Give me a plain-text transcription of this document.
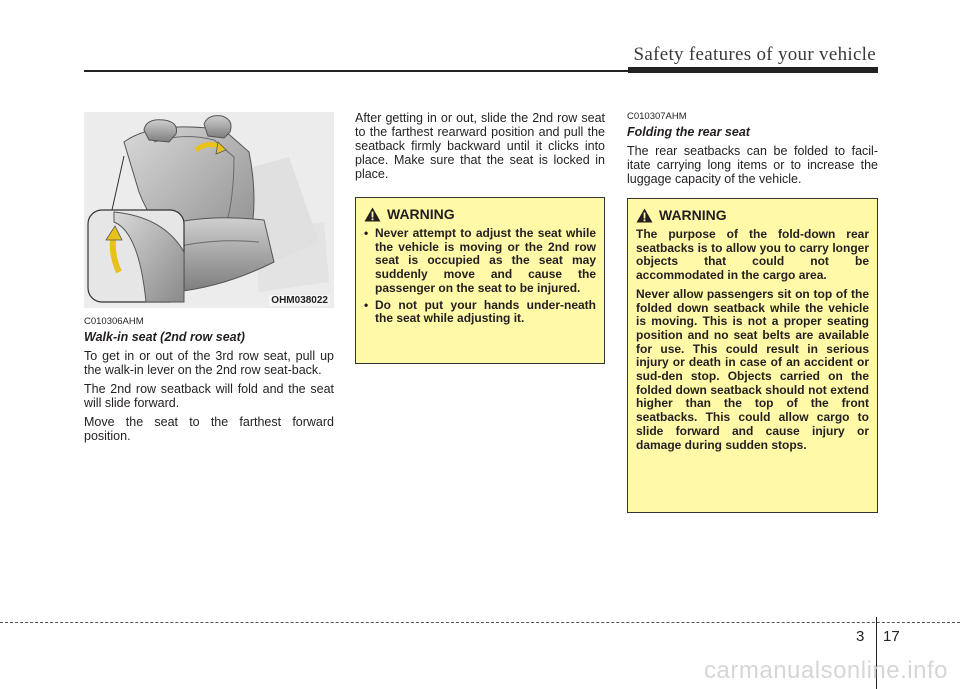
Safety features of your vehicle
OHM038022
C010306AHM
Walk-in seat (2nd row seat)

To get in or out of the 3rd row seat, pull up the walk-in lever on the 2nd row seat-back.

The 2nd row seatback will fold and the seat will slide forward.

Move the seat to the farthest forward position.

After getting in or out, slide the 2nd row seat to the farthest rearward position and pull the seatback firmly backward until it clicks into place. Make sure that the seat is locked in place.

WARNING
• Never attempt to adjust the seat while the vehicle is moving or the 2nd row seat is occupied as the seat may suddenly move and cause the passenger on the seat to be injured.
• Do not put your hands under-neath the seat while adjusting it.
C010307AHM
Folding the rear seat

The rear seatbacks can be folded to facil-itate carrying long items or to increase the luggage capacity of the vehicle.

WARNING

The purpose of the fold-down rear seatbacks is to allow you to carry longer objects that could not be accommodated in the cargo area.

Never allow passengers sit on top of the folded down seatback while the vehicle is moving. This is not a proper seating position and no seat belts are available for use. This could result in serious injury or death in case of an accident or sud-den stop. Objects carried on the folded down seatback should not extend higher than the top of the front seatbacks. This could allow cargo to slide forward and cause injury or damage during sudden stops.

3 17
carmanualsonline.info
